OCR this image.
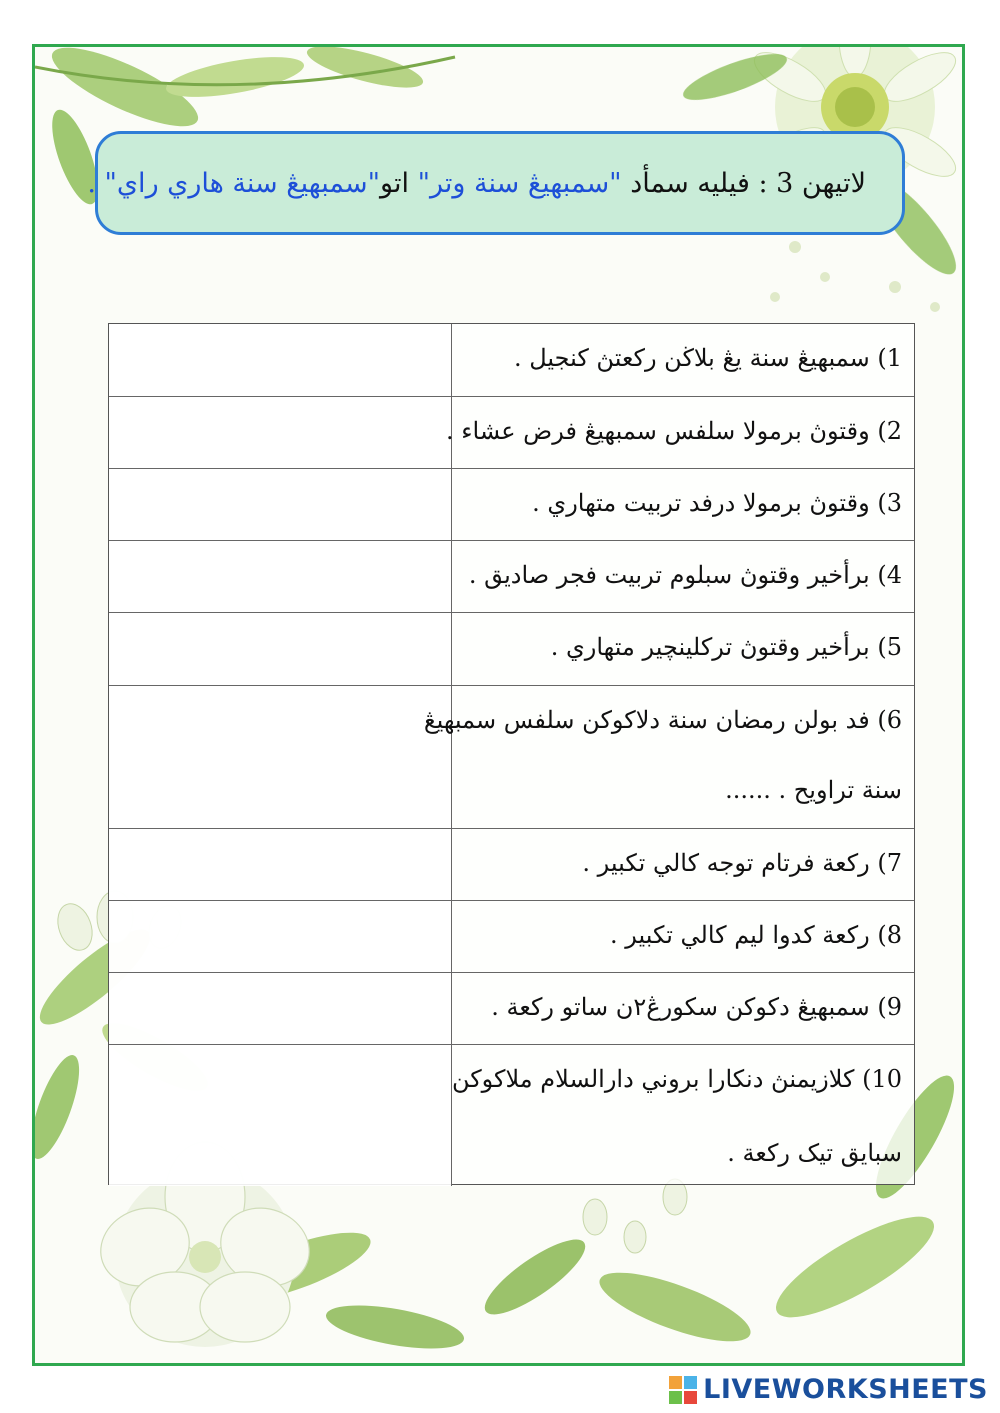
لاتيهن 3 : فيليه سمأد "سمبهيڠ سنة وتر" اتو"سمبهيڠ سنة هاري راي" .
1) سمبهيڠ سنة يڠ بلاڬن رکعتڽ کنجيل .
2) وقتوڽ برمولا سلفس سمبهيڠ فرض عشاء .
3) وقتوڽ برمولا درفد تربيت متهاري .
4) برأخير وقتوڽ سبلوم تربيت فجر صاديق .
5) برأخير وقتوڽ ترکلينچير متهاري .
6) فد بولن رمضان سنة دلاکوکن سلفس سمبهيڠ
سنة تراويح . ......
7) رکعة فرتام توجه کالي تکبير .
8) رکعة کدوا ليم کالي تکبير .
9) سمبهيڠ دکوکن سکورڠ٢ن ساتو رکعة .
10) کلازيمنڽ دنکارا بروني دارالسلام ملاکوکن
سبايق تيک رکعة .
LIVEWORKSHEETS
